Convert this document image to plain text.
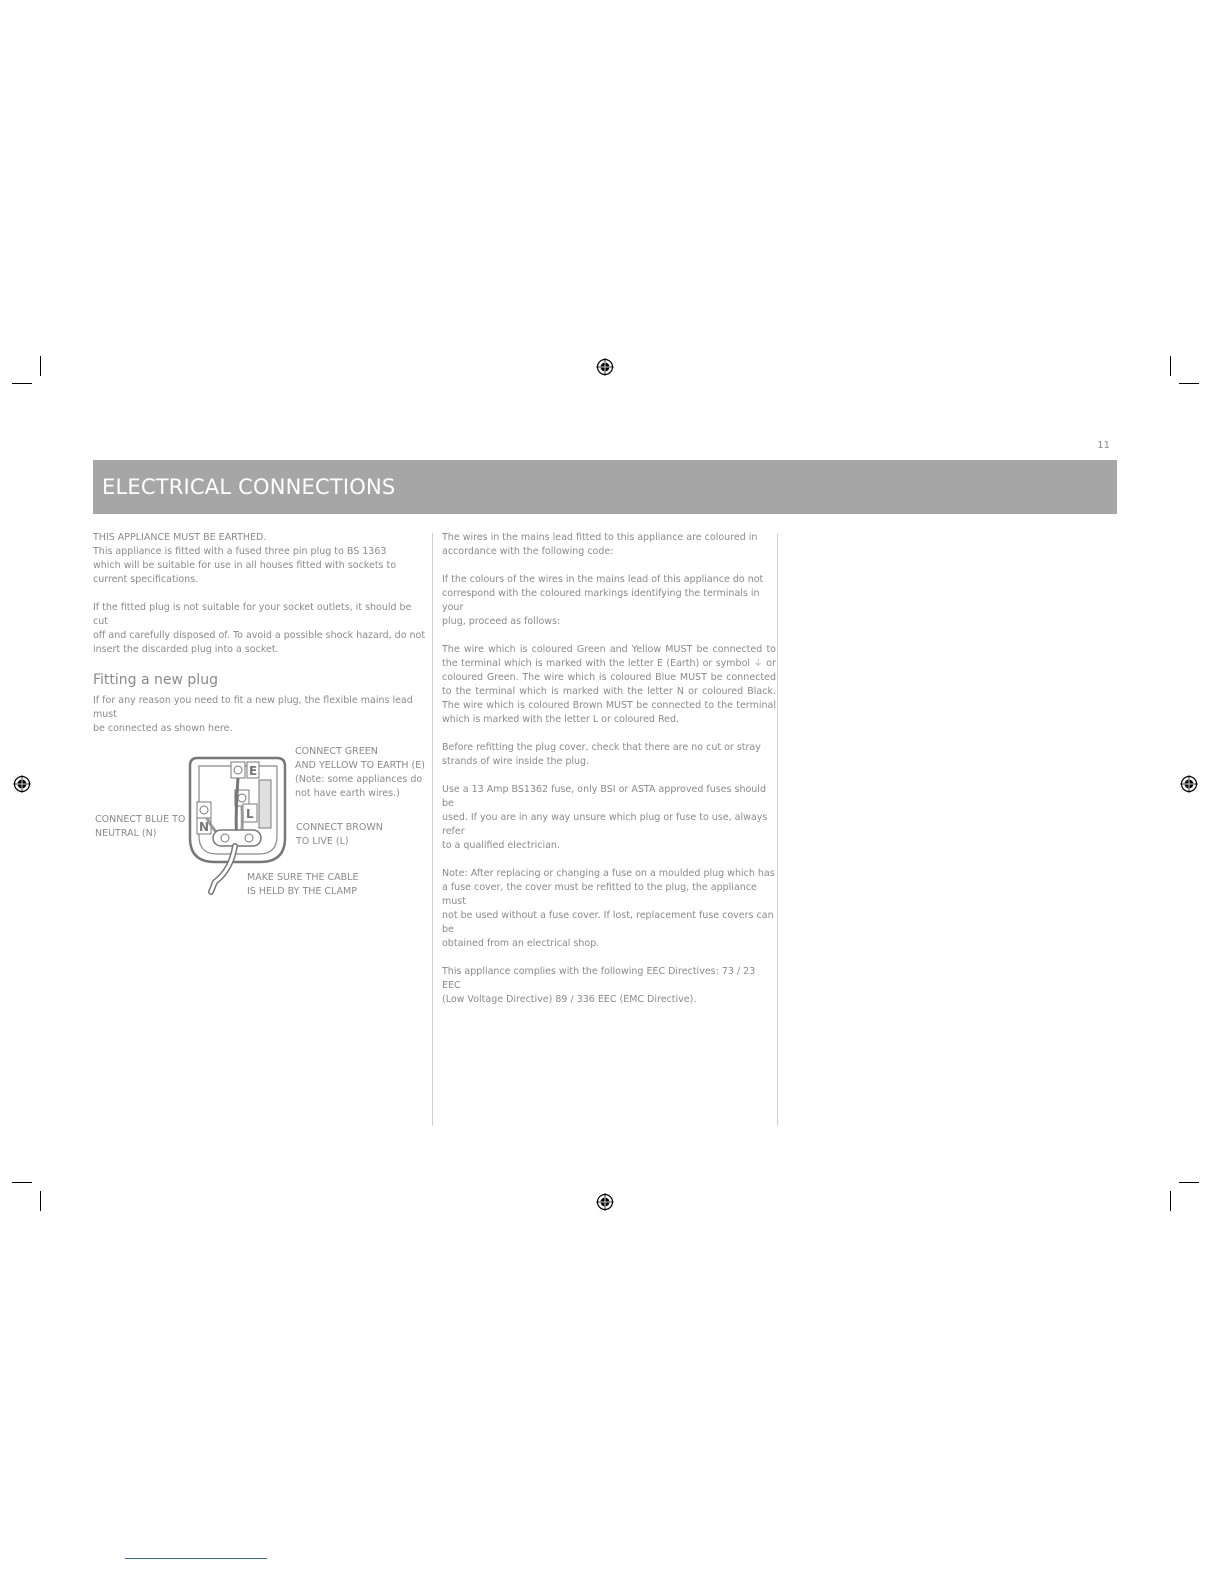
11
ELECTRICAL CONNECTIONS
THIS APPLIANCE MUST BE EARTHED.

This appliance is fitted with a fused three pin plug to BS 1363
which will be suitable for use in all houses fitted with sockets to
current specifications.

If the fitted plug is not suitable for your socket outlets, it should be cut
off and carefully disposed of. To avoid a possible shock hazard, do not
insert the discarded plug into a socket.

Fitting a new plug

If for any reason you need to fit a new plug, the flexible mains lead must
be connected as shown here.

E
L
N
CONNECT GREEN
AND YELLOW TO EARTH (E)
(Note: some appliances do
not have earth wires.)
CONNECT BLUE TO
NEUTRAL (N)
CONNECT BROWN
TO LIVE (L)
MAKE SURE THE CABLE
IS HELD BY THE CLAMP

The wires in the mains lead fitted to this appliance are coloured in
accordance with the following code:

If the colours of the wires in the mains lead of this appliance do not
correspond with the coloured markings identifying the terminals in your
plug, proceed as follows:

The wire which is coloured Green and Yellow MUST be connected to the terminal which is marked with the letter E (Earth) or symbol ⏚ or coloured Green. The wire which is coloured Blue MUST be connected to the terminal which is marked with the letter N or coloured Black. The wire which is coloured Brown MUST be connected to the terminal which is marked with the letter L or coloured Red.

Before refitting the plug cover, check that there are no cut or stray
strands of wire inside the plug.

Use a 13 Amp BS1362 fuse, only BSI or ASTA approved fuses should be
used. If you are in any way unsure which plug or fuse to use, always refer
to a qualified electrician.

Note: After replacing or changing a fuse on a moulded plug which has
a fuse cover, the cover must be refitted to the plug, the appliance must
not be used without a fuse cover. If lost, replacement fuse covers can be
obtained from an electrical shop.

This appliance complies with the following EEC Directives: 73 / 23 EEC
(Low Voltage Directive) 89 / 336 EEC (EMC Directive).
